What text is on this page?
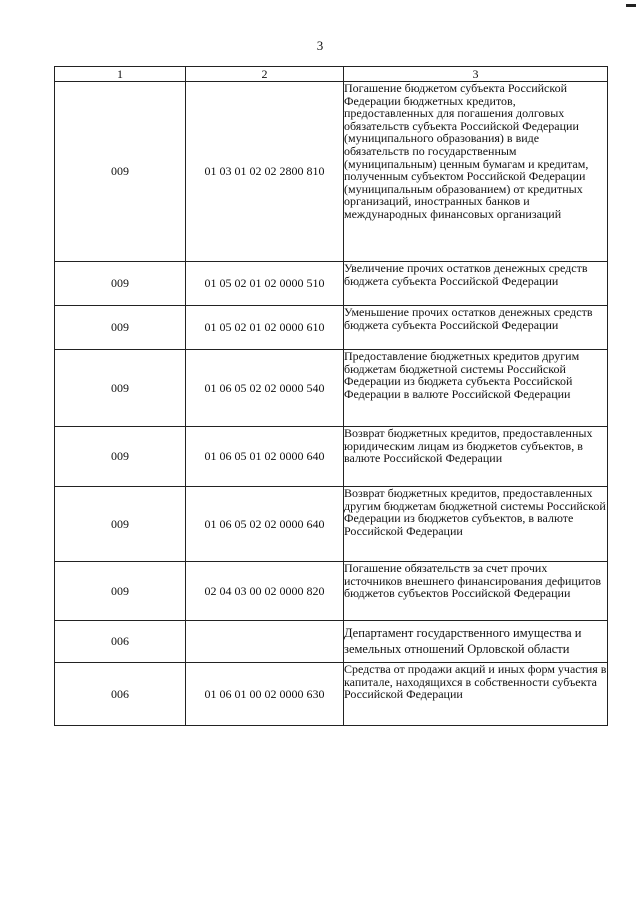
3
1	2	3
009	01 03 01 02 02 2800 810	Погашение бюджетом субъекта Российской Федерации бюджетных кредитов, предоставленных для погашения долговых обязательств субъекта Российской Федерации (муниципального образования) в виде обязательств по государственным (муниципальным) ценным бумагам и кредитам, полученным субъектом Российской Федерации (муниципальным образованием) от кредитных организаций, иностранных банков и международных финансовых организаций
009	01 05 02 01 02 0000 510	Увеличение прочих остатков денежных средств бюджета субъекта Российской Федерации
009	01 05 02 01 02 0000 610	Уменьшение прочих остатков денежных средств бюджета субъекта Российской Федерации
009	01 06 05 02 02 0000 540	Предоставление бюджетных кредитов другим бюджетам бюджетной системы Российской Федерации из бюджета субъекта Российской Федерации в валюте Российской Федерации
009	01 06 05 01 02 0000 640	Возврат бюджетных кредитов, предоставленных юридическим лицам из бюджетов субъектов, в валюте Российской Федерации
009	01 06 05 02 02 0000 640	Возврат бюджетных кредитов, предоставленных другим бюджетам бюджетной системы Российской Федерации из бюджетов субъектов, в валюте Российской Федерации
009	02 04 03 00 02 0000 820	Погашение обязательств за счет прочих источников внешнего финансирования дефицитов бюджетов субъектов Российской Федерации
006		Департамент государственного имущества и земельных отношений Орловской области
006	01 06 01 00 02 0000 630	Средства от продажи акций и иных форм участия в капитале, находящихся в собственности субъекта Российской Федерации
